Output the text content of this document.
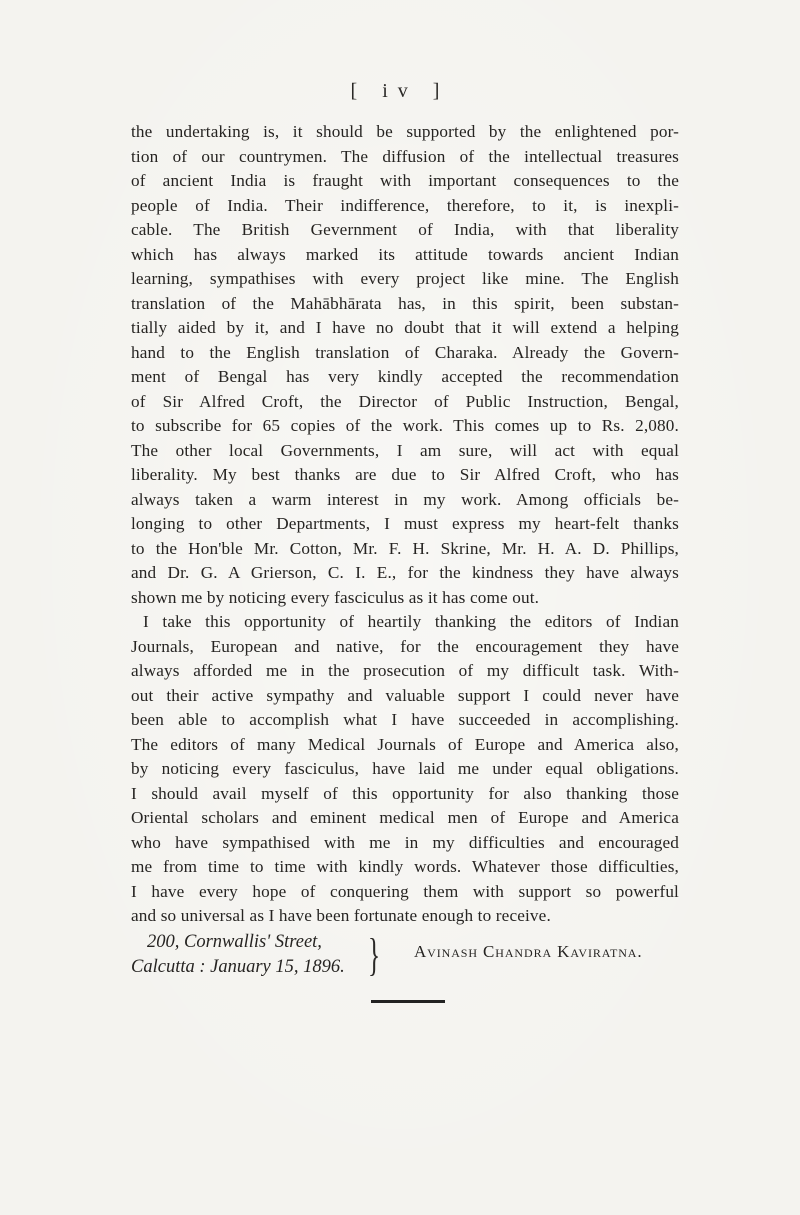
[ iv ]
the undertaking is, it should be supported by the enlightened por-
tion of our countrymen. The diffusion of the intellectual treasures
of ancient India is fraught with important consequences to the
people of India. Their indifference, therefore, to it, is inexpli-
cable. The British Gevernment of India, with that liberality
which has always marked its attitude towards ancient Indian
learning, sympathises with every project like mine. The English
translation of the Mahābhārata has, in this spirit, been substan-
tially aided by it, and I have no doubt that it will extend a helping
hand to the English translation of Charaka. Already the Govern-
ment of Bengal has very kindly accepted the recommendation
of Sir Alfred Croft, the Director of Public Instruction, Bengal,
to subscribe for 65 copies of the work. This comes up to Rs. 2,080.
The other local Governments, I am sure, will act with equal
liberality. My best thanks are due to Sir Alfred Croft, who has
always taken a warm interest in my work. Among officials be-
longing to other Departments, I must express my heart-felt thanks
to the Hon'ble Mr. Cotton, Mr. F. H. Skrine, Mr. H. A. D. Phillips,
and Dr. G. A Grierson, C. I. E., for the kindness they have always
shown me by noticing every fasciculus as it has come out.
I take this opportunity of heartily thanking the editors of Indian
Journals, European and native, for the encouragement they have
always afforded me in the prosecution of my difficult task. With-
out their active sympathy and valuable support I could never have
been able to accomplish what I have succeeded in accomplishing.
The editors of many Medical Journals of Europe and America also,
by noticing every fasciculus, have laid me under equal obligations.
I should avail myself of this opportunity for also thanking those
Oriental scholars and eminent medical men of Europe and America
who have sympathised with me in my difficulties and encouraged
me from time to time with kindly words. Whatever those difficulties,
I have every hope of conquering them with support so powerful
and so universal as I have been fortunate enough to receive.
200, Cornwallis' Street,
Calcutta : January 15, 1896. } Avinash Chandra Kaviratna.
